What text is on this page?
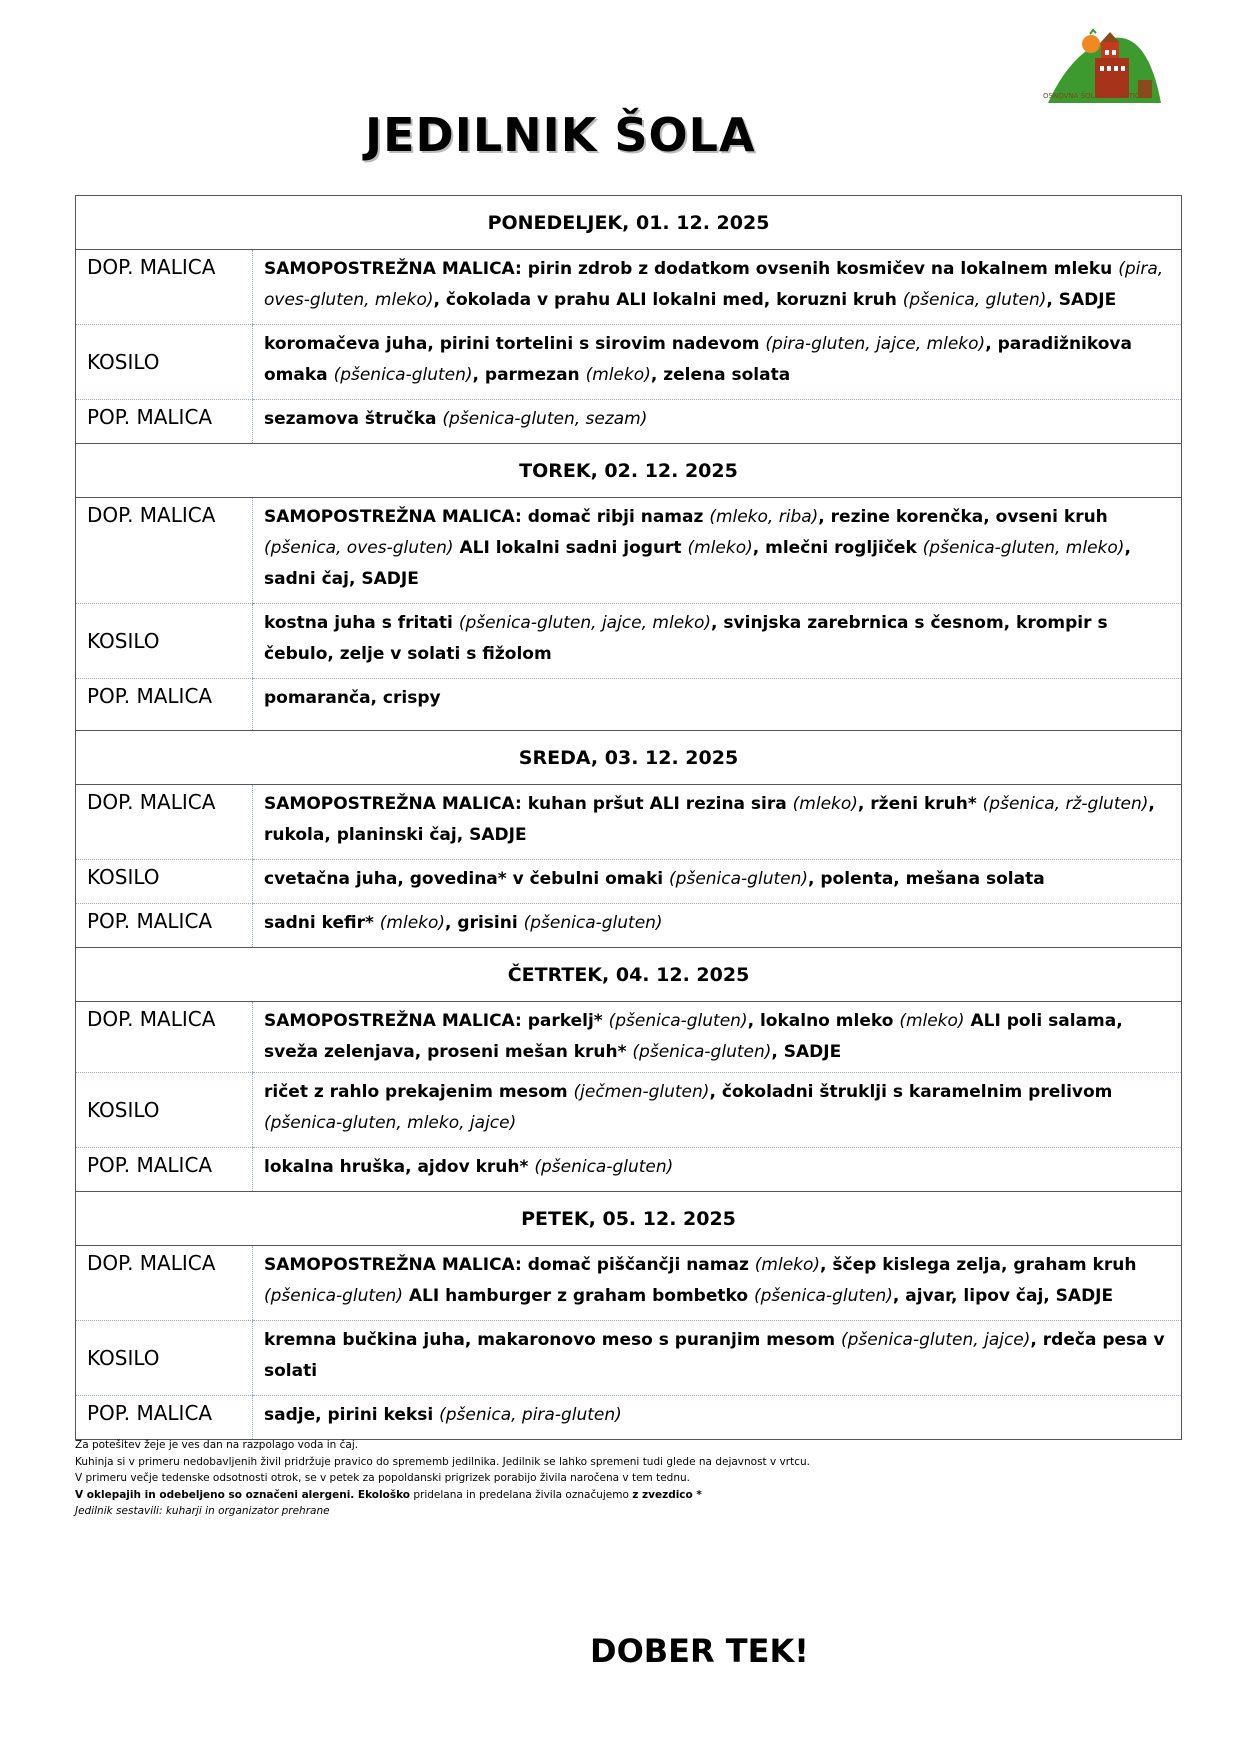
JEDILNIK ŠOLA
OSNOVNA ŠOLA	ARTIČE
PONEDELJEK, 01. 12. 2025	
DOP. MALICA	SAMOPOSTREŽNA MALICA: pirin zdrob z dodatkom ovsenih kosmičev na lokalnem mleku (pira, oves-gluten, mleko), čokolada v prahu ALI lokalni med, koruzni kruh (pšenica, gluten), SADJE
KOSILO	koromačeva juha, pirini tortelini s sirovim nadevom (pira-gluten, jajce, mleko), paradižnikova omaka (pšenica-gluten), parmezan (mleko), zelena solata
POP. MALICA	sezamova štručka (pšenica-gluten, sezam)
TOREK, 02. 12. 2025	
DOP. MALICA	SAMOPOSTREŽNA MALICA: domač ribji namaz (mleko, riba), rezine korenčka, ovseni kruh (pšenica, oves-gluten) ALI lokalni sadni jogurt (mleko), mlečni rogljiček (pšenica-gluten, mleko), sadni čaj, SADJE
KOSILO	kostna juha s fritati (pšenica-gluten, jajce, mleko), svinjska zarebrnica s česnom, krompir s čebulo, zelje v solati s fižolom
POP. MALICA	pomaranča, crispy
SREDA, 03. 12. 2025	
DOP. MALICA	SAMOPOSTREŽNA MALICA: kuhan pršut ALI rezina sira (mleko), rženi kruh* (pšenica, rž-gluten), rukola, planinski čaj, SADJE
KOSILO	cvetačna juha, govedina* v čebulni omaki (pšenica-gluten), polenta, mešana solata
POP. MALICA	sadni kefir* (mleko), grisini (pšenica-gluten)
ČETRTEK, 04. 12. 2025	
DOP. MALICA	SAMOPOSTREŽNA MALICA: parkelj* (pšenica-gluten), lokalno mleko (mleko) ALI poli salama, sveža zelenjava, proseni mešan kruh* (pšenica-gluten), SADJE
KOSILO	ričet z rahlo prekajenim mesom (ječmen-gluten), čokoladni štruklji s karamelnim prelivom (pšenica-gluten, mleko, jajce)
POP. MALICA	lokalna hruška, ajdov kruh* (pšenica-gluten)
PETEK, 05. 12. 2025	
DOP. MALICA	SAMOPOSTREŽNA MALICA: domač piščančji namaz (mleko), ščep kislega zelja, graham kruh (pšenica-gluten) ALI hamburger z graham bombetko (pšenica-gluten), ajvar, lipov čaj, SADJE
KOSILO	kremna bučkina juha, makaronovo meso s puranjim mesom (pšenica-gluten, jajce), rdeča pesa v solati
POP. MALICA	sadje, pirini keksi (pšenica, pira-gluten)
Za potešitev žeje je ves dan na razpolago voda in čaj.
Kuhinja si v primeru nedobavljenih živil pridržuje pravico do sprememb jedilnika. Jedilnik se lahko spremeni tudi glede na dejavnost v vrtcu.
V primeru večje tedenske odsotnosti otrok, se v petek za popoldanski prigrizek porabijo živila naročena v tem tednu.
V oklepajih in odebeljeno so označeni alergeni. Ekološko pridelana in predelana živila označujemo z zvezdico *
Jedilnik sestavili: kuharji in organizator prehrane
DOBER TEK!
